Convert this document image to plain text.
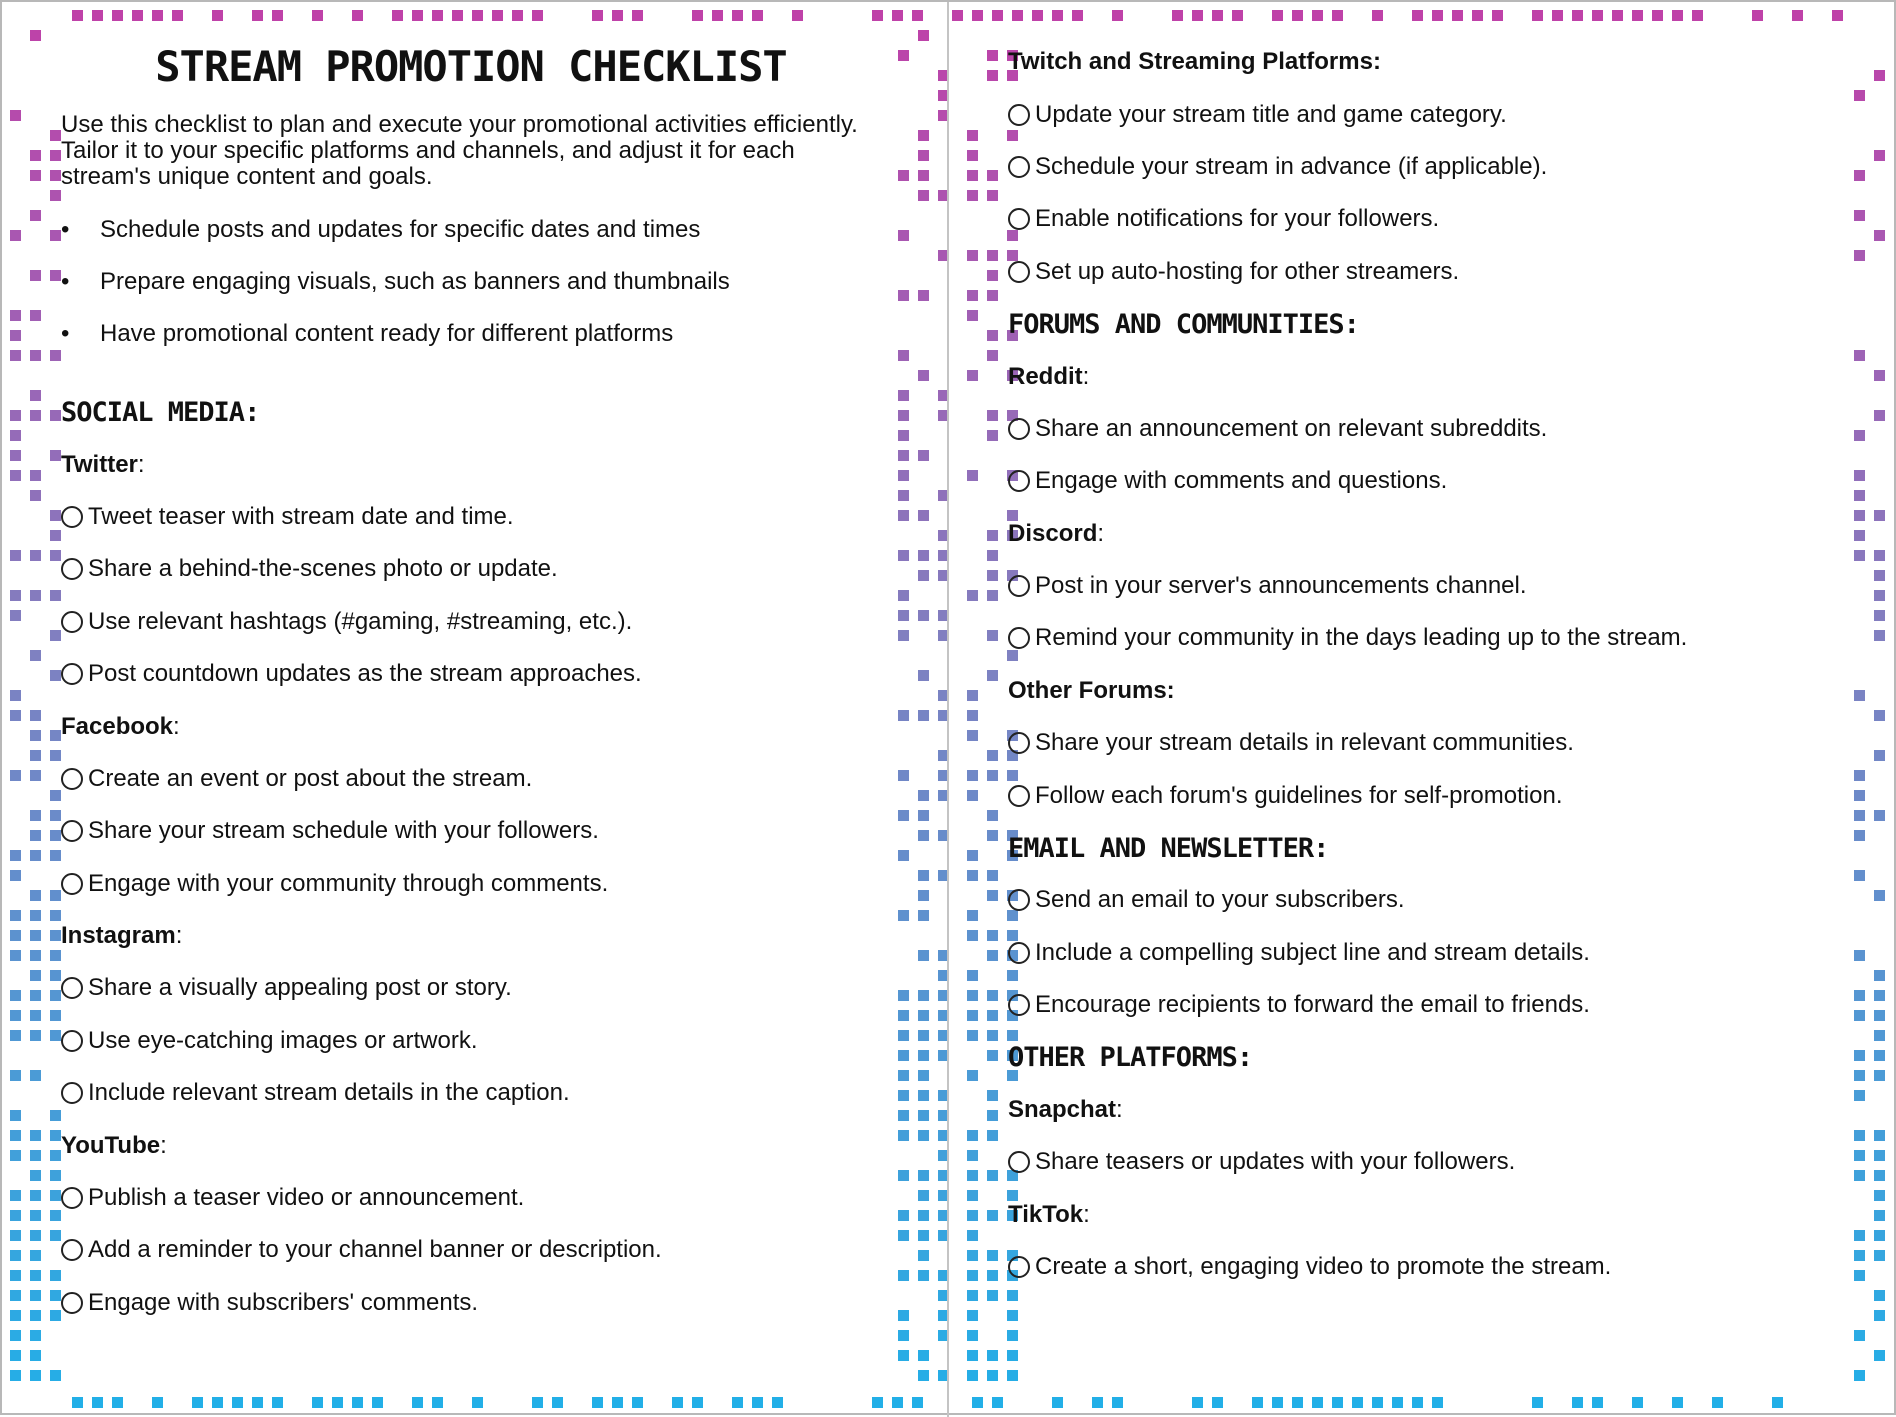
STREAM PROMOTION CHECKLIST

Use this checklist to plan and execute your promotional activities efficiently. Tailor it to your specific platforms and channels, and adjust it for each stream's unique content and goals.

• Schedule posts and updates for specific dates and times
• Prepare engaging visuals, such as banners and thumbnails
• Have promotional content ready for different platforms
SOCIAL MEDIA:
Twitter :
Tweet teaser with stream date and time.
Share a behind-the-scenes photo or update.
Use relevant hashtags (#gaming, #streaming, etc.).
Post countdown updates as the stream approaches.
Facebook :
Create an event or post about the stream.
Share your stream schedule with your followers.
Engage with your community through comments.
Instagram :
Share a visually appealing post or story.
Use eye-catching images or artwork.
Include relevant stream details in the caption.
YouTube :
Publish a teaser video or announcement.
Add a reminder to your channel banner or description.
Engage with subscribers' comments.
Twitch and Streaming Platforms:
Update your stream title and game category.
Schedule your stream in advance (if applicable).
Enable notifications for your followers.
Set up auto-hosting for other streamers.
FORUMS AND COMMUNITIES:
Reddit :
Share an announcement on relevant subreddits.
Engage with comments and questions.
Discord :
Post in your server's announcements channel.
Remind your community in the days leading up to the stream.
Other Forums:
Share your stream details in relevant communities.
Follow each forum's guidelines for self-promotion.
EMAIL AND NEWSLETTER:
Send an email to your subscribers.
Include a compelling subject line and stream details.
Encourage recipients to forward the email to friends.
OTHER PLATFORMS:
Snapchat :
Share teasers or updates with your followers.
TikTok :
Create a short, engaging video to promote the stream.
